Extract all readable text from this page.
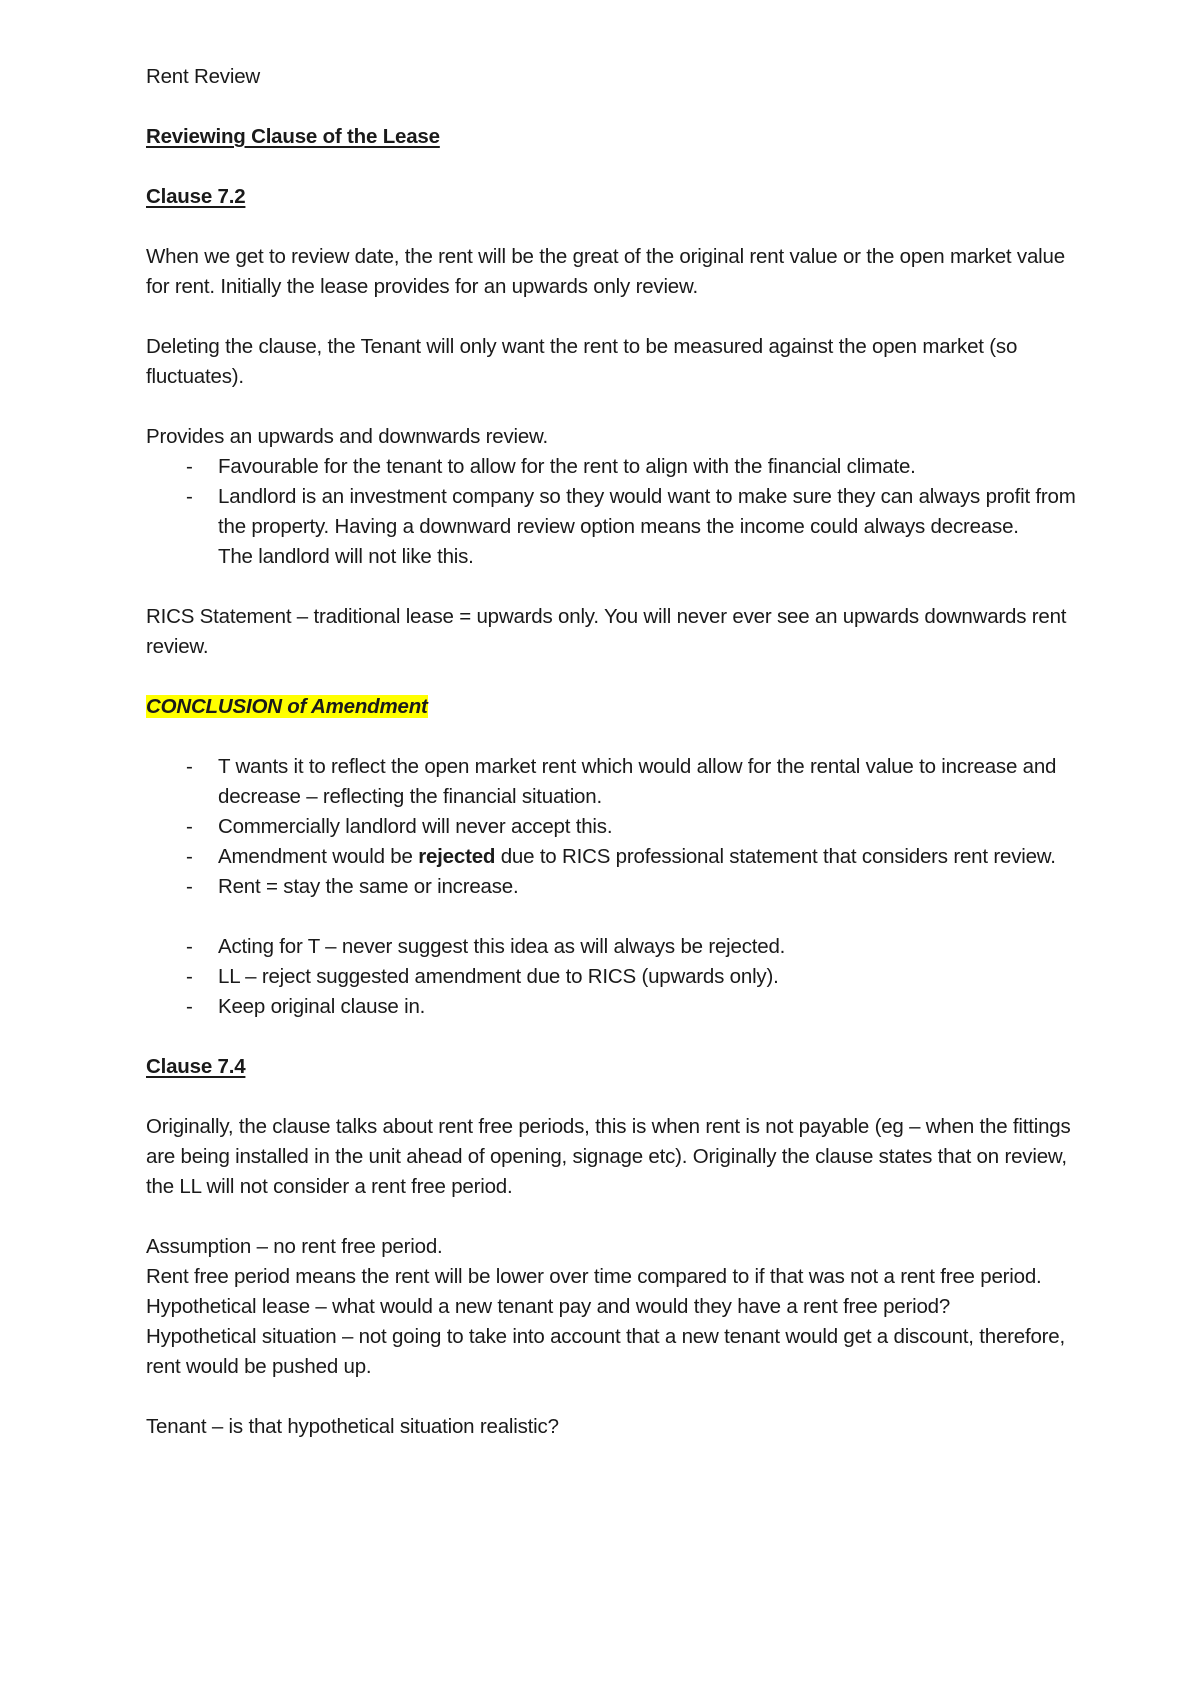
Rent Review

Reviewing Clause of the Lease

Clause 7.2

When we get to review date, the rent will be the great of the original rent value or the open market value for rent. Initially the lease provides for an upwards only review.

Deleting the clause, the Tenant will only want the rent to be measured against the open market (so fluctuates).

Provides an upwards and downwards review.

- Favourable for the tenant to allow for the rent to align with the financial climate.
- Landlord is an investment company so they would want to make sure they can always profit from the property. Having a downward review option means the income could always decrease.
The landlord will not like this.

RICS Statement – traditional lease = upwards only. You will never ever see an upwards downwards rent review.

CONCLUSION of Amendment

- T wants it to reflect the open market rent which would allow for the rental value to increase and decrease – reflecting the financial situation.
- Commercially landlord will never accept this.
- Amendment would be rejected due to RICS professional statement that considers rent review.
- Rent = stay the same or increase.
- Acting for T – never suggest this idea as will always be rejected.
- LL – reject suggested amendment due to RICS (upwards only).
- Keep original clause in.

Clause 7.4

Originally, the clause talks about rent free periods, this is when rent is not payable (eg – when the fittings are being installed in the unit ahead of opening, signage etc). Originally the clause states that on review, the LL will not consider a rent free period.

Assumption – no rent free period.

Rent free period means the rent will be lower over time compared to if that was not a rent free period.

Hypothetical lease – what would a new tenant pay and would they have a rent free period?

Hypothetical situation – not going to take into account that a new tenant would get a discount, therefore, rent would be pushed up.

Tenant – is that hypothetical situation realistic?
